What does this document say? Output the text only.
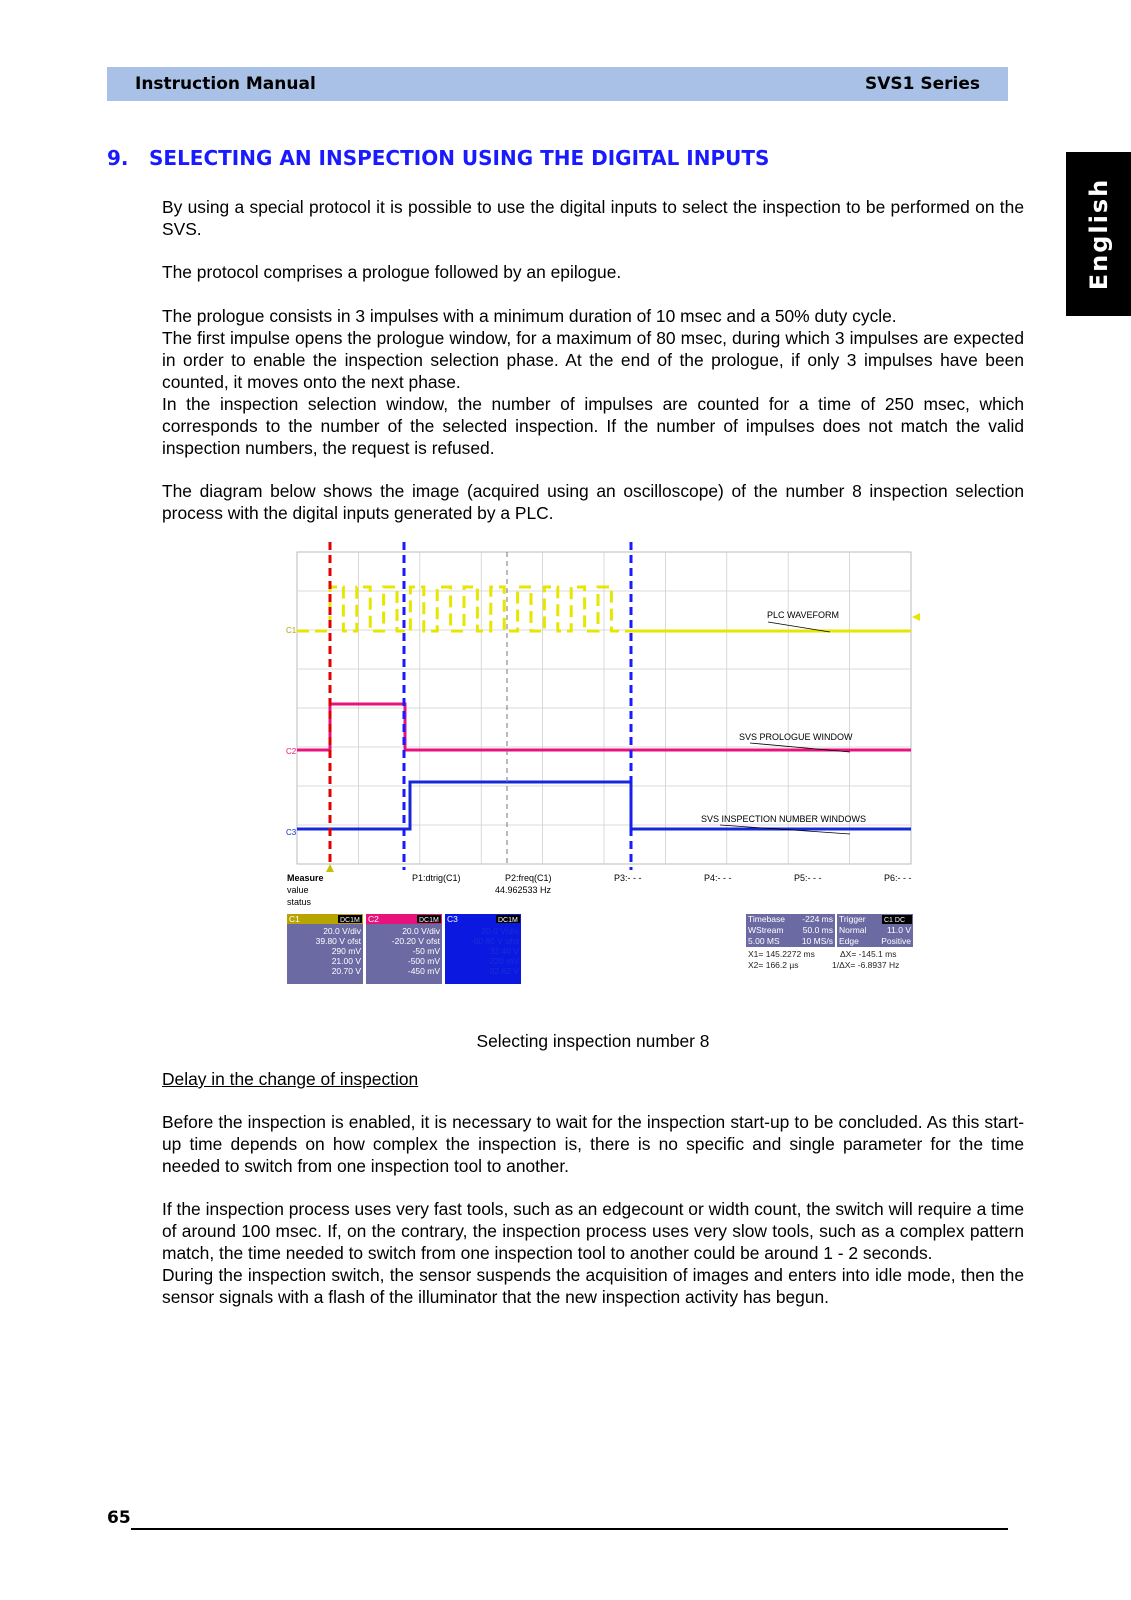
Instruction Manual	SVS1 Series
English
9. SELECTING AN INSPECTION USING THE DIGITAL INPUTS

By using a special protocol it is possible to use the digital inputs to select the inspection to be performed on the SVS.

The protocol comprises a prologue followed by an epilogue.

The prologue consists in 3 impulses with a minimum duration of 10 msec and a 50% duty cycle.

The first impulse opens the prologue window, for a maximum of 80 msec, during which 3 impulses are expected in order to enable the inspection selection phase. At the end of the prologue, if only 3 impulses have been counted, it moves onto the next phase.

In the inspection selection window, the number of impulses are counted for a time of 250 msec, which corresponds to the number of the selected inspection. If the number of impulses does not match the valid inspection numbers, the request is refused.

The diagram below shows the image (acquired using an oscilloscope) of the number 8 inspection selection process with the digital inputs generated by a PLC.

PLC WAVEFORM
SVS PROLOGUE WINDOW
SVS INSPECTION NUMBER WINDOWS
C1
C2
C3
Measure
value
status
P1:dtrig(C1)	P2:freq(C1)
44.962533 Hz
P3:- - -	P4:- - -	P5:- - -	P6:- - -
C1	DC1M
20.0 V/div
39.80 V ofst
290 mV
21.00 V
20.70 V
C2	DC1M
20.0 V/div
-20.20 V ofst
-50 mV
-500 mV
-450 mV
C3	DC1M
20.0 V/div
-60.80 V ofst
32.40 V
-220 mV
-32.62 V
Timebase -224 ms Trigger	C1 DC
WStream 50.0 ms Normal 11.0 V
5.00 MS	10 MS/s Edge	Positive
X1= 145.2272 ms	ΔX= -145.1 ms
X2= 166.2 µs	1/ΔX= -6.8937 Hz
Selecting inspection number 8

Delay in the change of inspection

Before the inspection is enabled, it is necessary to wait for the inspection start-up to be concluded. As this start-up time depends on how complex the inspection is, there is no specific and single parameter for the time needed to switch from one inspection tool to another.

If the inspection process uses very fast tools, such as an edgecount or width count, the switch will require a time of around 100 msec. If, on the contrary, the inspection process uses very slow tools, such as a complex pattern match, the time needed to switch from one inspection tool to another could be around 1 - 2 seconds.

During the inspection switch, the sensor suspends the acquisition of images and enters into idle mode, then the sensor signals with a flash of the illuminator that the new inspection activity has begun.

65
